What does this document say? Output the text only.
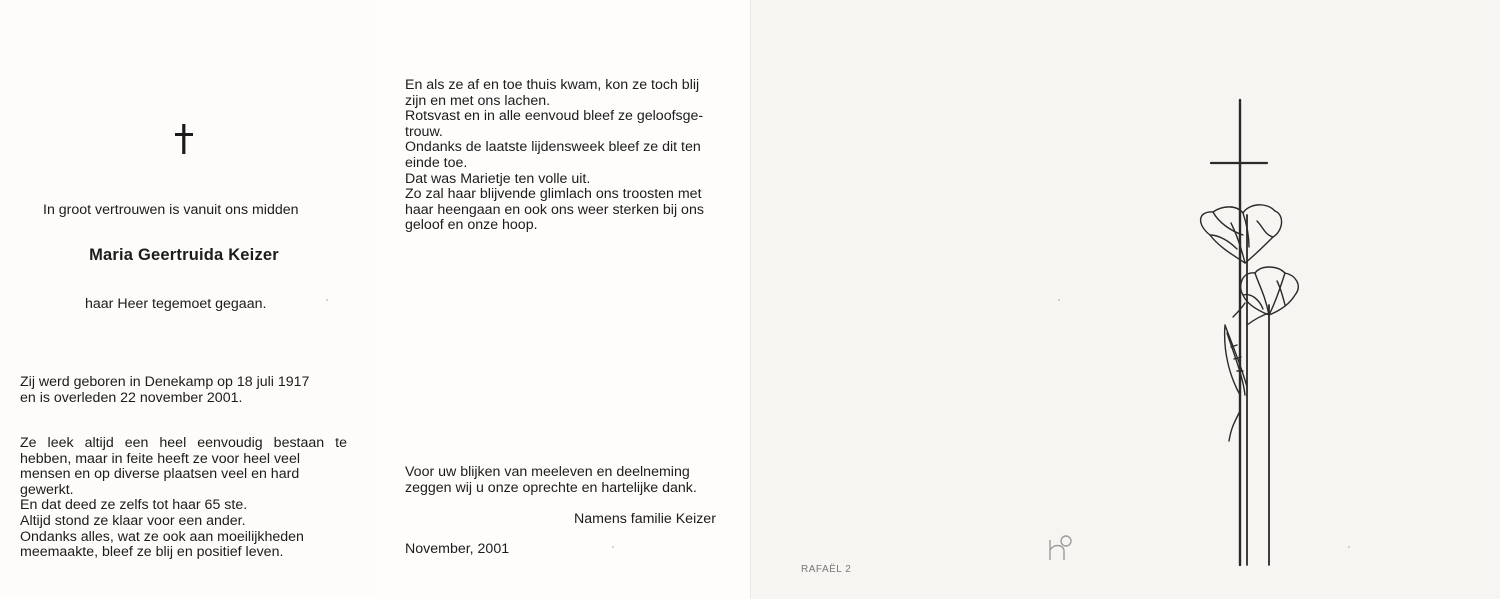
In groot vertrouwen is vanuit ons midden
Maria Geertruida Keizer
haar Heer tegemoet gegaan.
Zij werd geboren in Denekamp op 18 juli 1917
en is overleden 22 november 2001.
Ze leek altijd een heel eenvoudig bestaan te
hebben, maar in feite heeft ze voor heel veel
mensen en op diverse plaatsen veel en hard
gewerkt.
En dat deed ze zelfs tot haar 65 ste.
Altijd stond ze klaar voor een ander.
Ondanks alles, wat ze ook aan moeilijkheden
meemaakte, bleef ze blij en positief leven.
En als ze af en toe thuis kwam, kon ze toch blij
zijn en met ons lachen.
Rotsvast en in alle eenvoud bleef ze geloofsge-
trouw.
Ondanks de laatste lijdensweek bleef ze dit ten
einde toe.
Dat was Marietje ten volle uit.
Zo zal haar blijvende glimlach ons troosten met
haar heengaan en ook ons weer sterken bij ons
geloof en onze hoop.
Voor uw blijken van meeleven en deelneming
zeggen wij u onze oprechte en hartelijke dank.
Namens familie Keizer
November, 2001
RAFAËL 2
